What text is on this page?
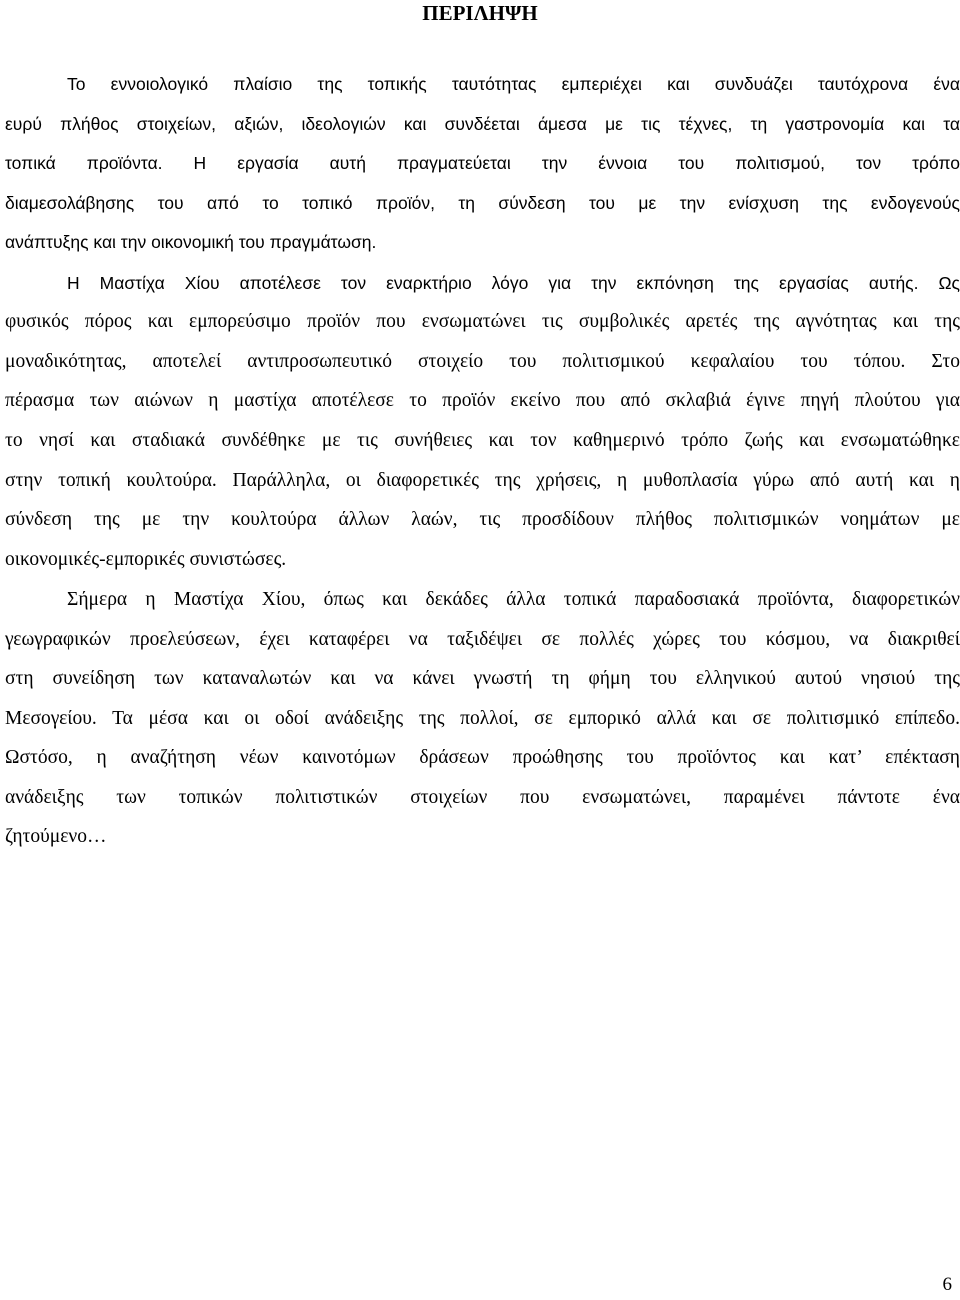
ΠΕΡΙΛΗΨΗ

Το εννοιολογικό πλαίσιο της τοπικής ταυτότητας εμπεριέχει και συνδυάζει ταυτόχρονα ένα

ευρύ πλήθος στοιχείων, αξιών, ιδεολογιών και συνδέεται άμεσα με τις τέχνες, τη γαστρονομία και τα

τοπικά προϊόντα. Η εργασία αυτή πραγματεύεται την έννοια του πολιτισμού, τον τρόπο

διαμεσολάβησης του από το τοπικό προϊόν, τη σύνδεση του με την ενίσχυση της ενδογενούς

ανάπτυξης και την οικονομική του πραγμάτωση.

Η Μαστίχα Χίου αποτέλεσε τον εναρκτήριο λόγο για την εκπόνηση της εργασίας αυτής. Ως

φυσικός πόρος και εμπορεύσιμο προϊόν που ενσωματώνει τις συμβολικές αρετές της αγνότητας και της

μοναδικότητας, αποτελεί αντιπροσωπευτικό στοιχείο του πολιτισμικού κεφαλαίου του τόπου. Στο

πέρασμα των αιώνων η μαστίχα αποτέλεσε το προϊόν εκείνο που από σκλαβιά έγινε πηγή πλούτου για

το νησί και σταδιακά συνδέθηκε με τις συνήθειες και τον καθημερινό τρόπο ζωής και ενσωματώθηκε

στην τοπική κουλτούρα. Παράλληλα, οι διαφορετικές της χρήσεις, η μυθοπλασία γύρω από αυτή και η

σύνδεση της με την κουλτούρα άλλων λαών, τις προσδίδουν πλήθος πολιτισμικών νοημάτων με

οικονομικές-εμπορικές συνιστώσες.

Σήμερα η Μαστίχα Χίου, όπως και δεκάδες άλλα τοπικά παραδοσιακά προϊόντα, διαφορετικών

γεωγραφικών προελεύσεων, έχει καταφέρει να ταξιδέψει σε πολλές χώρες του κόσμου, να διακριθεί

στη συνείδηση των καταναλωτών και να κάνει γνωστή τη φήμη του ελληνικού αυτού νησιού της

Μεσογείου. Τα μέσα και οι οδοί ανάδειξης της πολλοί, σε εμπορικό αλλά και σε πολιτισμικό επίπεδο.

Ωστόσο, η αναζήτηση νέων καινοτόμων δράσεων προώθησης του προϊόντος και κατ’ επέκταση

ανάδειξης των τοπικών πολιτιστικών στοιχείων που ενσωματώνει, παραμένει πάντοτε ένα

ζητούμενο…

6
